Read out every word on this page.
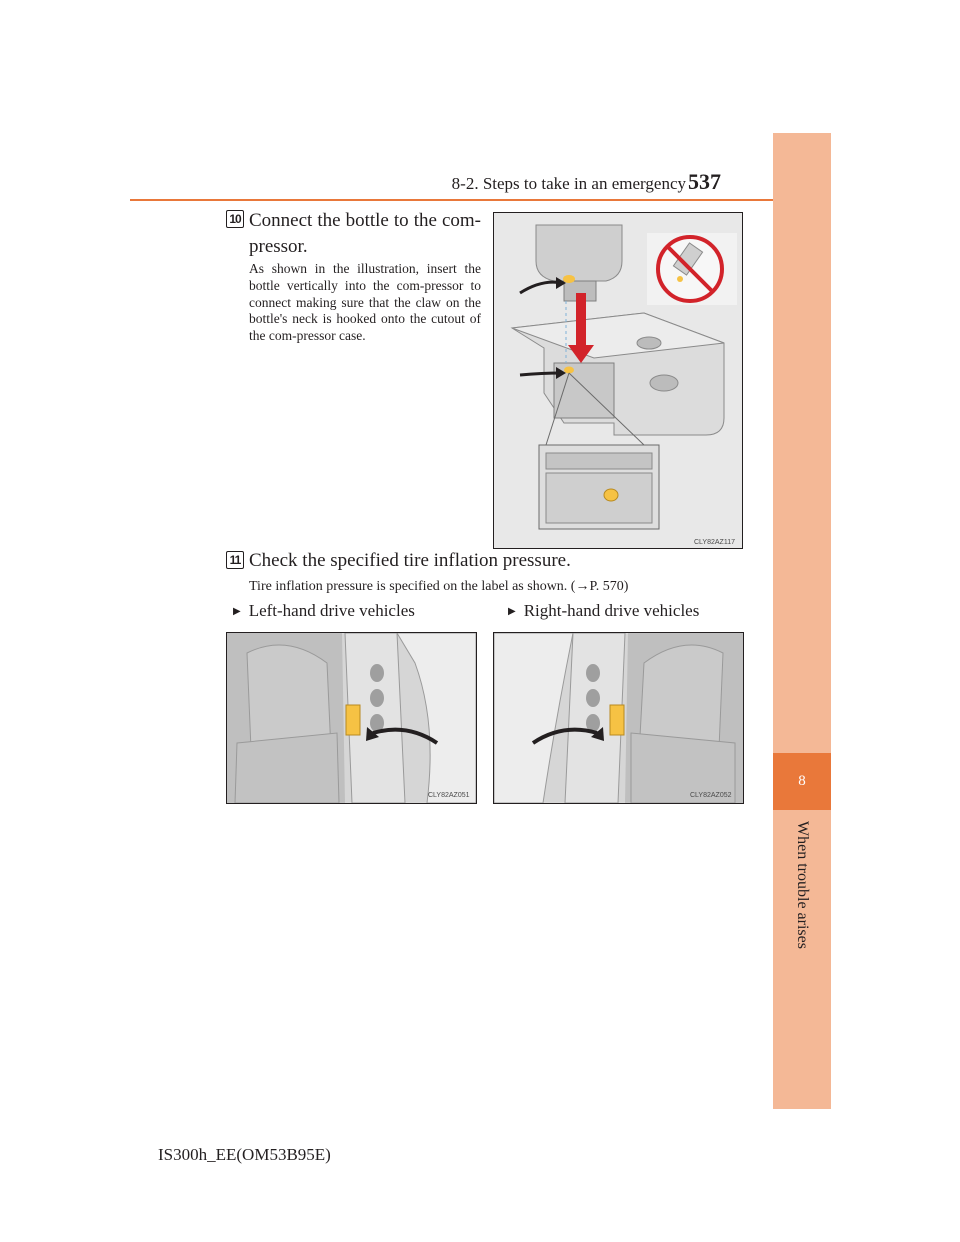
8-2. Steps to take in an emergency 537
8
When trouble arises
10 Connect the bottle to the com-pressor.
As shown in the illustration, insert the bottle vertically into the com-pressor to connect making sure that the claw on the bottle's neck is hooked onto the cutout of the com-pressor case.
CLY82AZ117
11 Check the specified tire inflation pressure.
Tire inflation pressure is specified on the label as shown. (→P. 570)
▶ Left-hand drive vehicles	▶ Right-hand drive vehicles
CLY82AZ051	CLY82AZ052
IS300h_EE(OM53B95E)
